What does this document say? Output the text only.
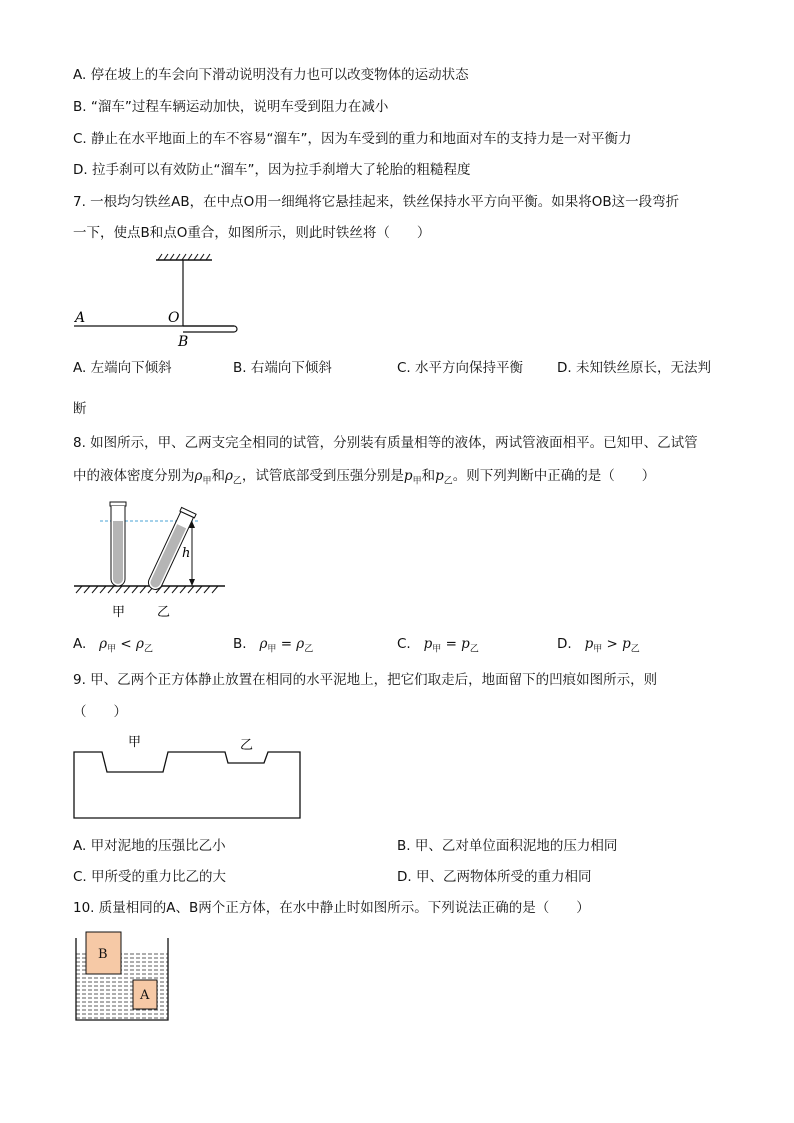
A. 停在坡上的车会向下滑动说明没有力也可以改变物体的运动状态
B. “溜车”过程车辆运动加快，说明车受到阻力在减小
C. 静止在水平地面上的车不容易“溜车”，因为车受到的重力和地面对车的支持力是一对平衡力
D. 拉手刹可以有效防止“溜车”，因为拉手刹增大了轮胎的粗糙程度
7. 一根均匀铁丝AB，在中点O用一细绳将它悬挂起来，铁丝保持水平方向平衡。如果将OB这一段弯折
一下，使点B和点O重合，如图所示，则此时铁丝将（　　）
A	O
B
A. 左端向下倾斜	B. 右端向下倾斜	C. 水平方向保持平衡	D. 未知铁丝原长，无法判
断
8. 如图所示，甲、乙两支完全相同的试管，分别装有质量相等的液体，两试管液面相平。已知甲、乙试管
中的液体密度分别为$\rho_甲$和$\rho_乙$，试管底部受到压强分别是$p_甲$和$p_乙$。则下列判断中正确的是（　　）
h
甲 乙
A. $\rho_甲 < \rho_乙$	B. $\rho_甲 = \rho_乙$	C. $p_甲 = p_乙$	D. $p_甲 > p_乙$
9. 甲、乙两个正方体静止放置在相同的水平泥地上，把它们取走后，地面留下的凹痕如图所示，则
（　　）
甲	乙
A. 甲对泥地的压强比乙小	B. 甲、乙对单位面积泥地的压力相同
C. 甲所受的重力比乙的大	D. 甲、乙两物体所受的重力相同
10. 质量相同的A、B两个正方体，在水中静止时如图所示。下列说法正确的是（　　）
B
A
